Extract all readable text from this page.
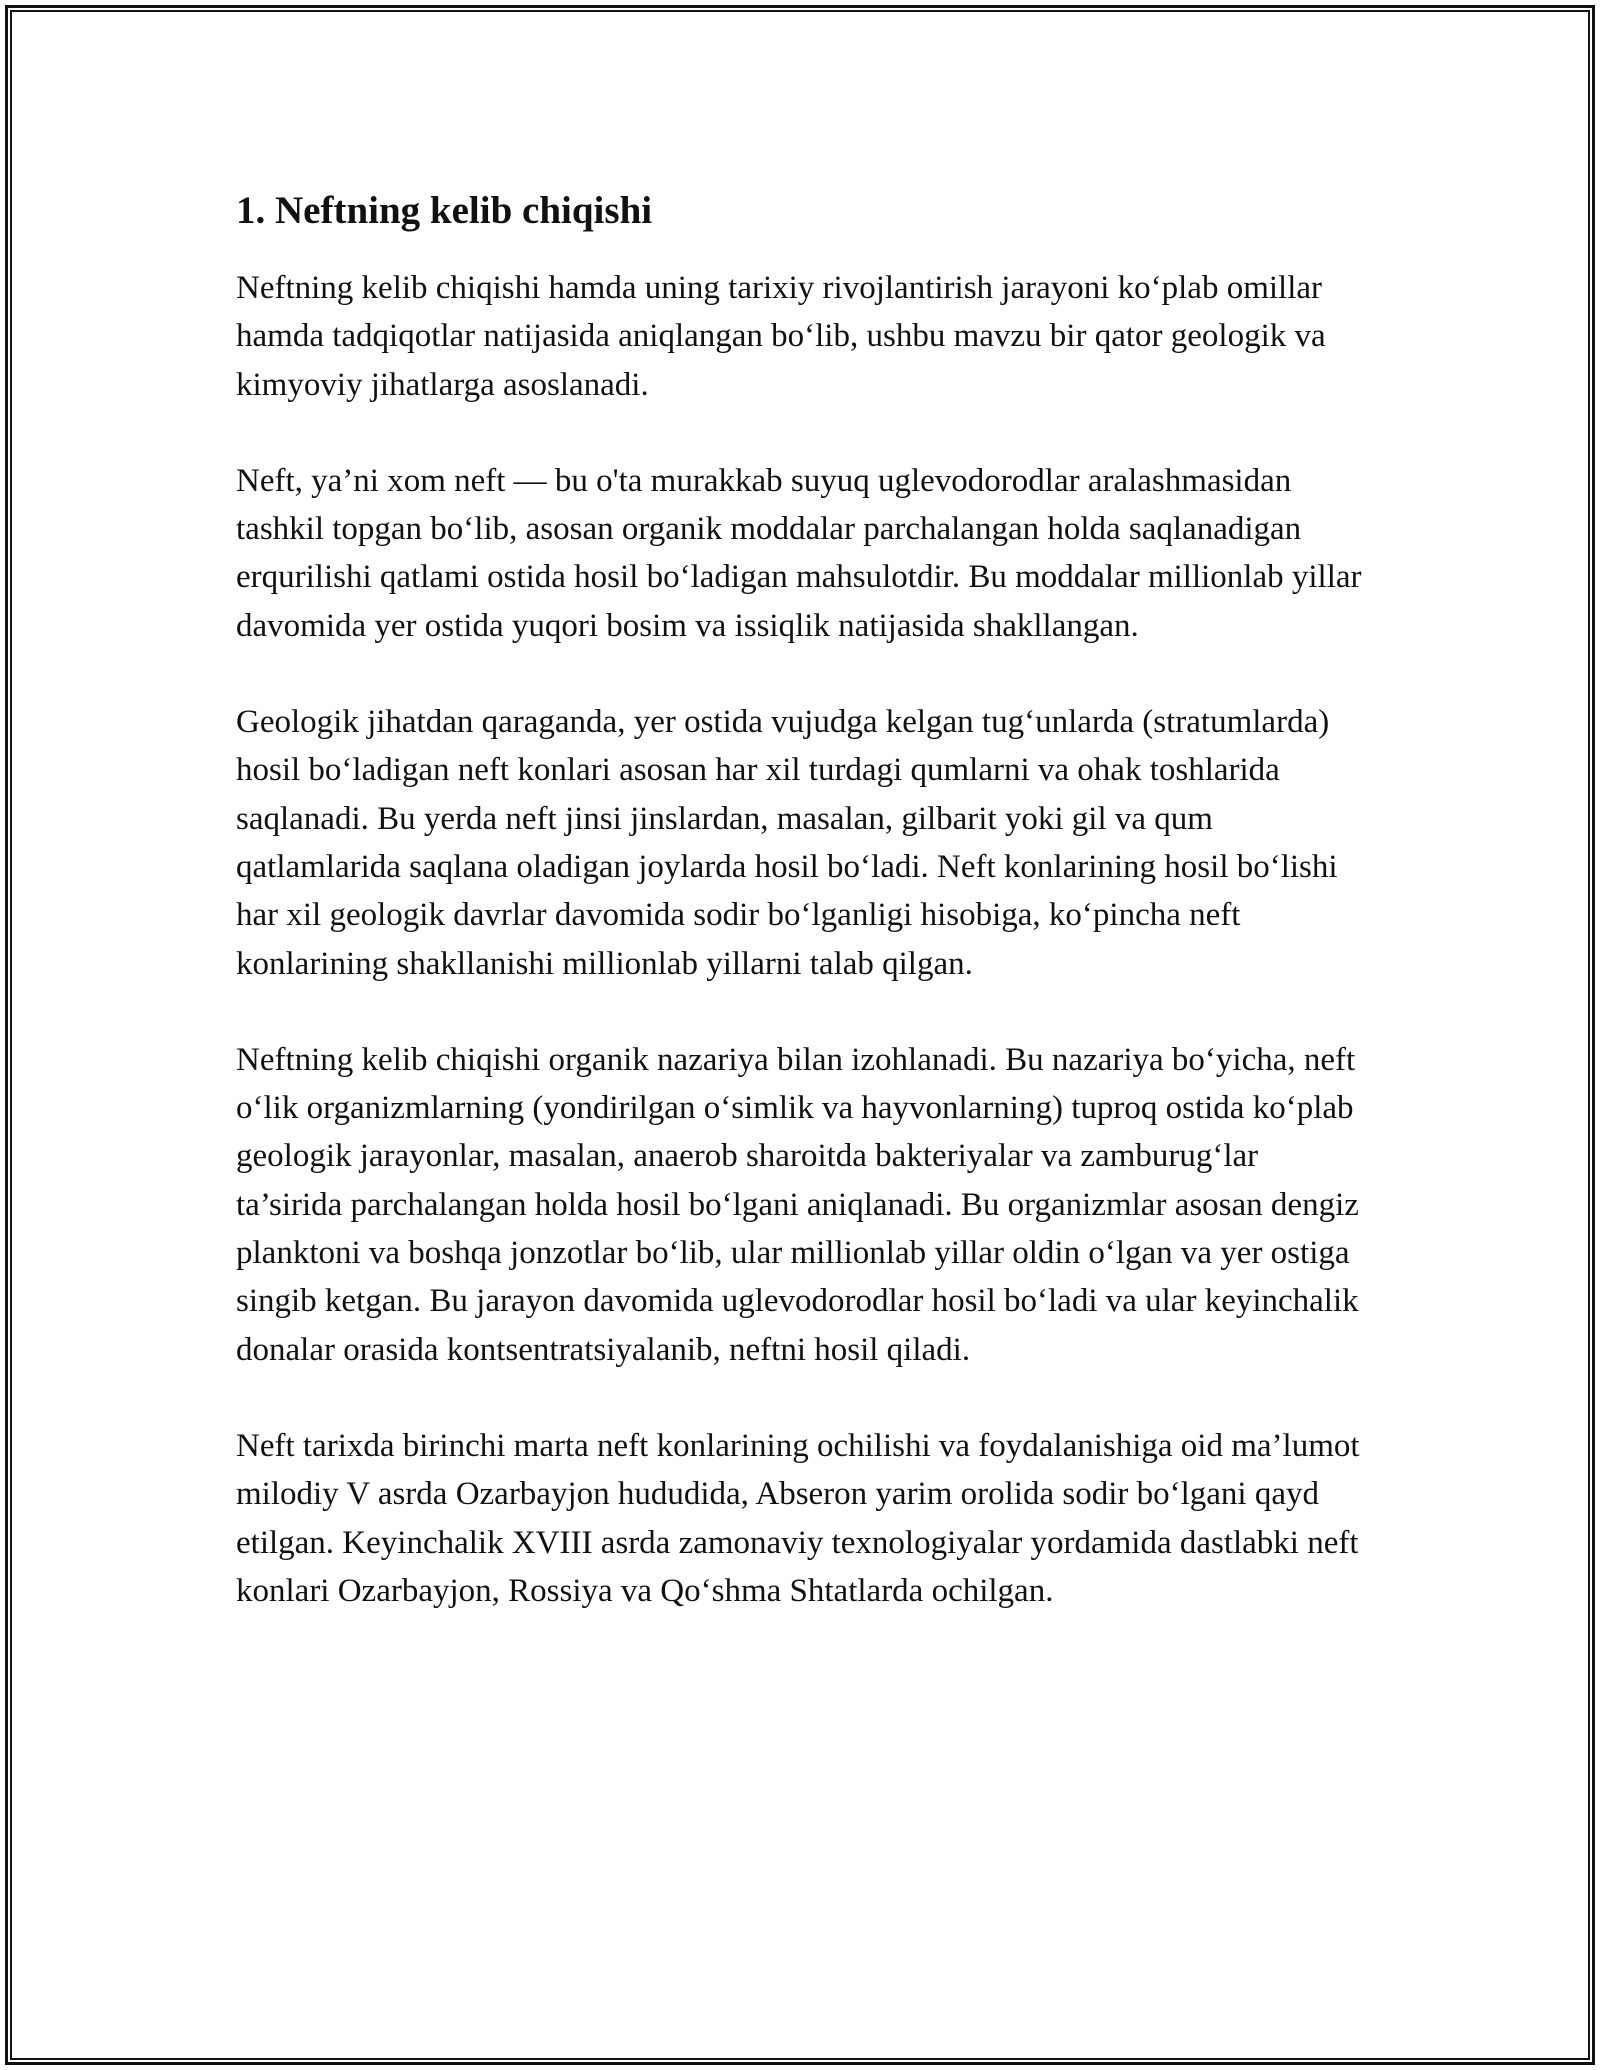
1. Neftning kelib chiqishi

Neftning kelib chiqishi hamda uning tarixiy rivojlantirish jarayoni ko‘plab omillar hamda tadqiqotlar natijasida aniqlangan bo‘lib, ushbu mavzu bir qator geologik va kimyoviy jihatlarga asoslanadi.

Neft, ya’ni xom neft — bu o'ta murakkab suyuq uglevodorodlar aralashmasidan tashkil topgan bo‘lib, asosan organik moddalar parchalangan holda saqlanadigan erqurilishi qatlami ostida hosil bo‘ladigan mahsulotdir. Bu moddalar millionlab yillar davomida yer ostida yuqori bosim va issiqlik natijasida shakllangan.

Geologik jihatdan qaraganda, yer ostida vujudga kelgan tug‘unlarda (stratumlarda) hosil bo‘ladigan neft konlari asosan har xil turdagi qumlarni va ohak toshlarida saqlanadi. Bu yerda neft jinsi jinslardan, masalan, gilbarit yoki gil va qum qatlamlarida saqlana oladigan joylarda hosil bo‘ladi. Neft konlarining hosil bo‘lishi har xil geologik davrlar davomida sodir bo‘lganligi hisobiga, ko‘pincha neft konlarining shakllanishi millionlab yillarni talab qilgan.

Neftning kelib chiqishi organik nazariya bilan izohlanadi. Bu nazariya bo‘yicha, neft o‘lik organizmlarning (yondirilgan o‘simlik va hayvonlarning) tuproq ostida ko‘plab geologik jarayonlar, masalan, anaerob sharoitda bakteriyalar va zamburug‘lar ta’sirida parchalangan holda hosil bo‘lgani aniqlanadi. Bu organizmlar asosan dengiz planktoni va boshqa jonzotlar bo‘lib, ular millionlab yillar oldin o‘lgan va yer ostiga singib ketgan. Bu jarayon davomida uglevodorodlar hosil bo‘ladi va ular keyinchalik donalar orasida kontsentratsiyalanib, neftni hosil qiladi.

Neft tarixda birinchi marta neft konlarining ochilishi va foydalanishiga oid ma’lumot milodiy V asrda Ozarbayjon hududida, Abseron yarim orolida sodir bo‘lgani qayd etilgan. Keyinchalik XVIII asrda zamonaviy texnologiyalar yordamida dastlabki neft konlari Ozarbayjon, Rossiya va Qo‘shma Shtatlarda ochilgan.
